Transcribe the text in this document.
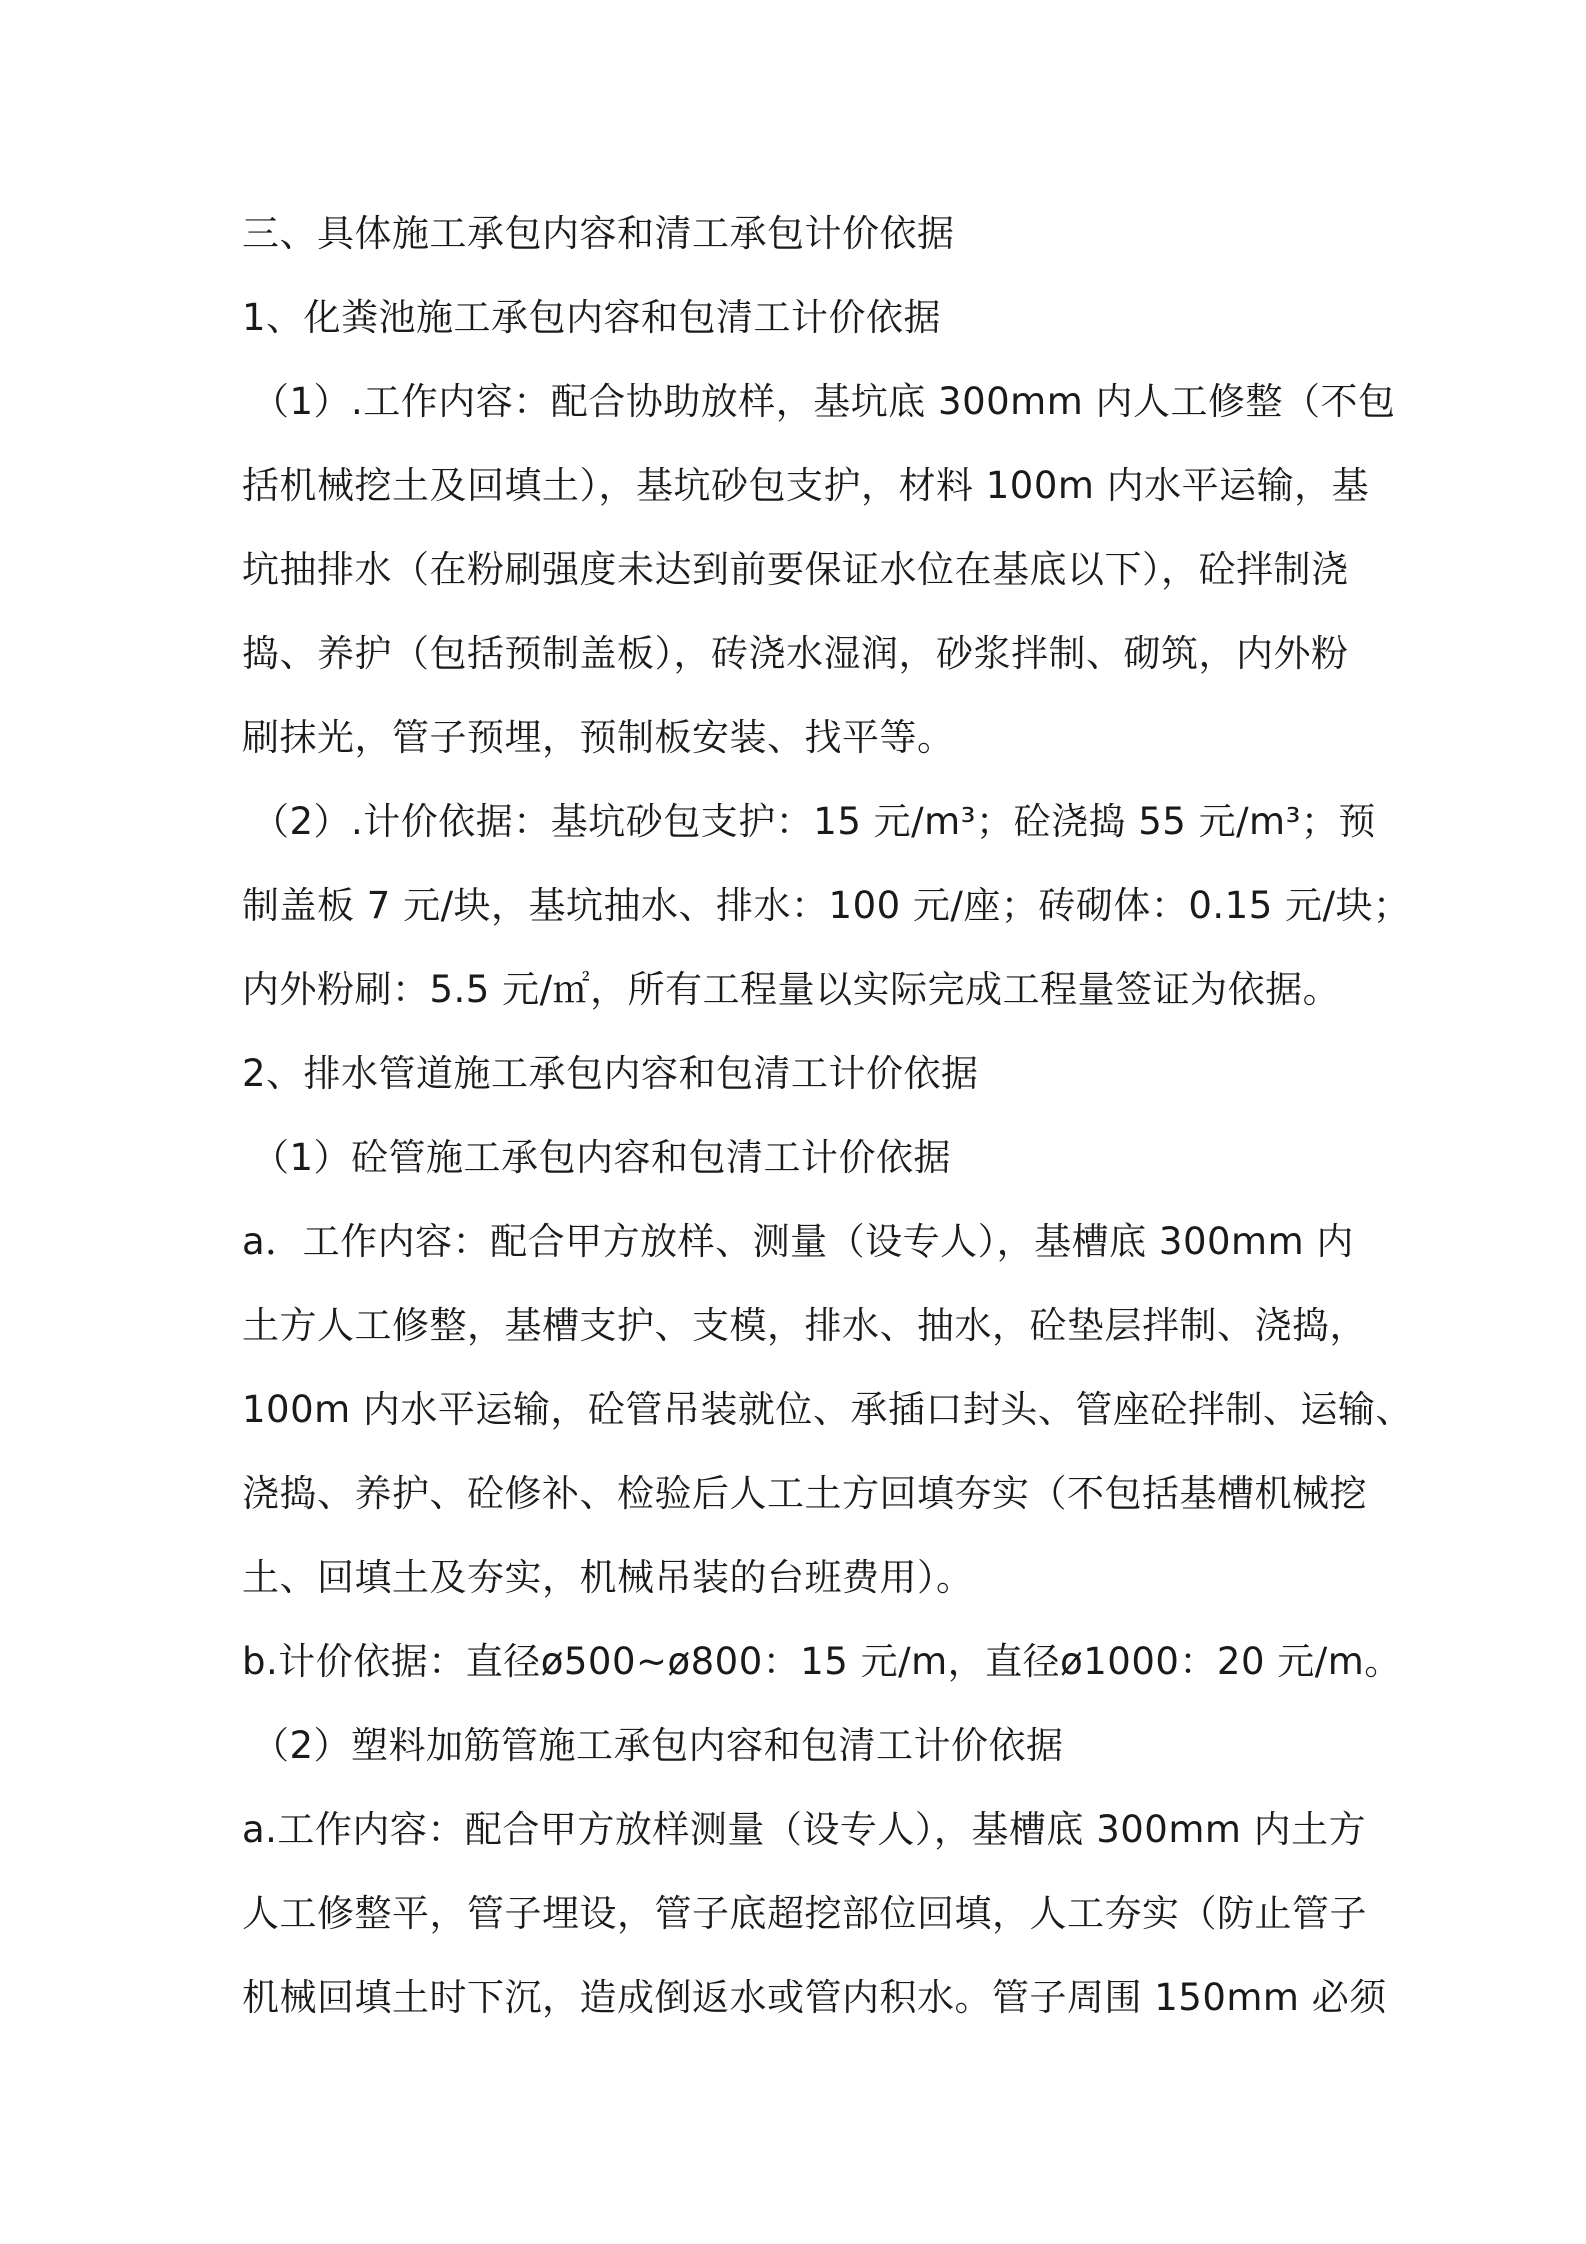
三、具体施工承包内容和清工承包计价依据
1、化粪池施工承包内容和包清工计价依据
（1）.工作内容：配合协助放样，基坑底 300mm 内人工修整（不包
括机械挖土及回填土），基坑砂包支护，材料 100m 内水平运输，基
坑抽排水（在粉刷强度未达到前要保证水位在基底以下），砼拌制浇
捣、养护（包括预制盖板），砖浇水湿润，砂浆拌制、砌筑，内外粉
刷抹光，管子预埋，预制板安装、找平等。
（2）.计价依据：基坑砂包支护：15 元/m³；砼浇捣 55 元/m³；预
制盖板 7 元/块，基坑抽水、排水：100 元/座；砖砌体：0.15 元/块；
内外粉刷：5.5 元/㎡，所有工程量以实际完成工程量签证为依据。
2、排水管道施工承包内容和包清工计价依据
（1）砼管施工承包内容和包清工计价依据
a．工作内容：配合甲方放样、测量（设专人），基槽底 300mm 内
土方人工修整，基槽支护、支模，排水、抽水，砼垫层拌制、浇捣，
100m 内水平运输，砼管吊装就位、承插口封头、管座砼拌制、运输、
浇捣、养护、砼修补、检验后人工土方回填夯实（不包括基槽机械挖
土、回填土及夯实，机械吊装的台班费用）。
b.计价依据：直径ø500~ø800：15 元/m，直径ø1000：20 元/m。
（2）塑料加筋管施工承包内容和包清工计价依据
a.工作内容：配合甲方放样测量（设专人），基槽底 300mm 内土方
人工修整平，管子埋设，管子底超挖部位回填，人工夯实（防止管子
机械回填土时下沉，造成倒返水或管内积水。管子周围 150mm 必须
